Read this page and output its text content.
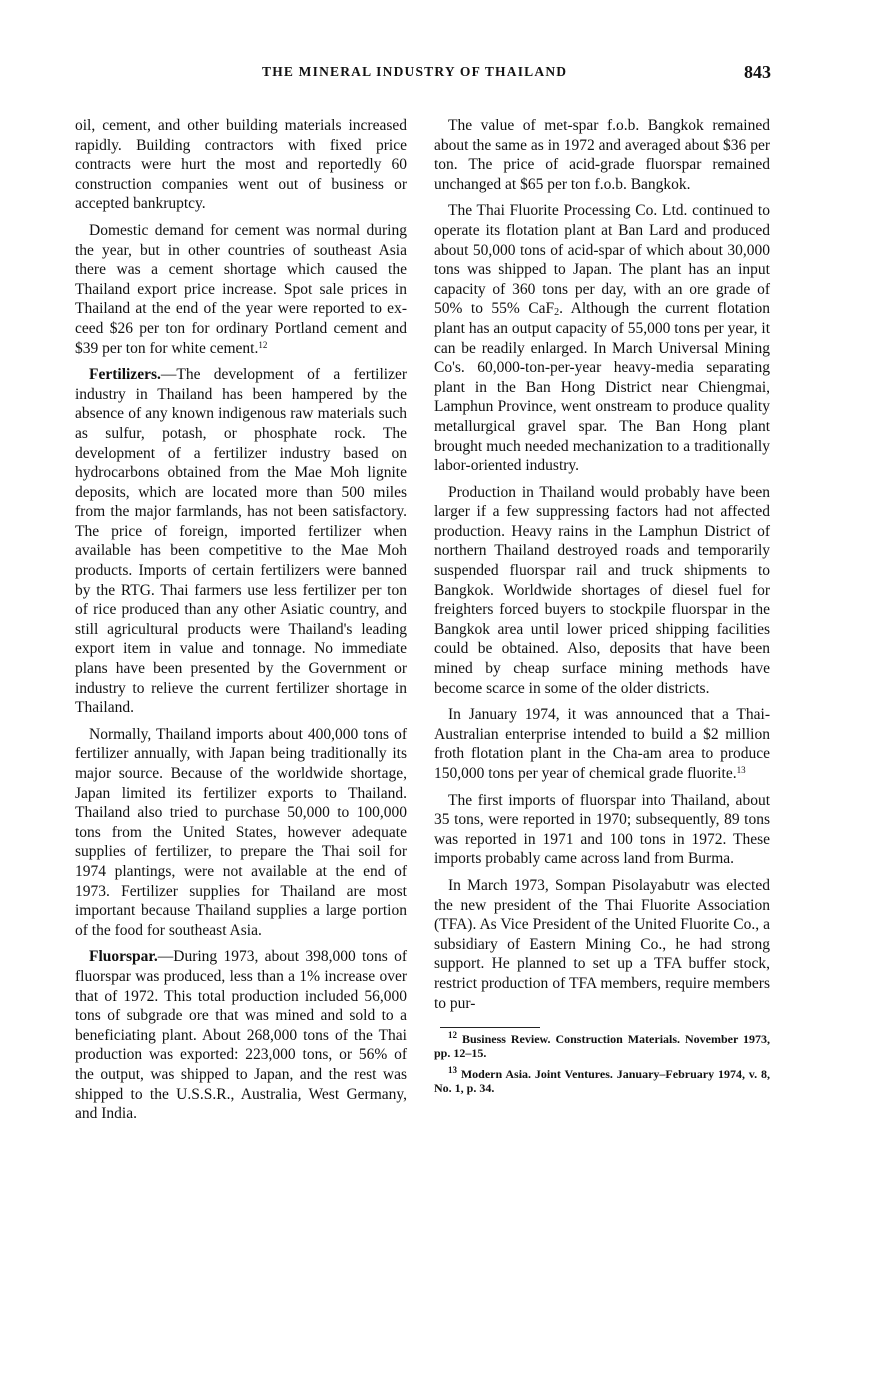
THE MINERAL INDUSTRY OF THAILAND	843

oil, cement, and other building materials increased rapidly. Building contractors with fixed price contracts were hurt the most and reportedly 60 construction companies went out of business or accepted bankruptcy.

Domestic demand for cement was normal during the year, but in other countries of southeast Asia there was a cement shortage which caused the Thailand export price increase. Spot sale prices in Thailand at the end of the year were reported to exceed $26 per ton for ordinary Portland cement and $39 per ton for white cement.$^{12}$

Fertilizers.—The development of a fertilizer industry in Thailand has been hampered by the absence of any known indigenous raw materials such as sulfur, potash, or phosphate rock. The development of a fertilizer industry based on hydrocarbons obtained from the Mae Moh lignite deposits, which are located more than 500 miles from the major farmlands, has not been satisfactory. The price of foreign, imported fertilizer when available has been competitive to the Mae Moh products. Imports of certain fertilizers were banned by the RTG. Thai farmers use less fertilizer per ton of rice produced than any other Asiatic country, and still agricultural products were Thailand's leading export item in value and tonnage. No immediate plans have been presented by the Government or industry to relieve the current fertilizer shortage in Thailand.

Normally, Thailand imports about 400,000 tons of fertilizer annually, with Japan being traditionally its major source. Because of the worldwide shortage, Japan limited its fertilizer exports to Thailand. Thailand also tried to purchase 50,000 to 100,000 tons from the United States, however adequate supplies of fertilizer, to prepare the Thai soil for 1974 plantings, were not available at the end of 1973. Fertilizer supplies for Thailand are most important because Thailand supplies a large portion of the food for southeast Asia.

Fluorspar.—During 1973, about 398,000 tons of fluorspar was produced, less than a 1% increase over that of 1972. This total production included 56,000 tons of subgrade ore that was mined and sold to a beneficiating plant. About 268,000 tons of the Thai production was exported: 223,000 tons, or 56% of the output, was shipped to Japan, and the rest was shipped to the U.S.S.R., Australia, West Germany, and India.

The value of met-spar f.o.b. Bangkok remained about the same as in 1972 and averaged about $36 per ton. The price of acid-grade fluorspar remained unchanged at $65 per ton f.o.b. Bangkok.

The Thai Fluorite Processing Co. Ltd. continued to operate its flotation plant at Ban Lard and produced about 50,000 tons of acid-spar of which about 30,000 tons was shipped to Japan. The plant has an input capacity of 360 tons per day, with an ore grade of 50% to 55% CaF$_2$. Although the current flotation plant has an output capacity of 55,000 tons per year, it can be readily enlarged. In March Universal Mining Co's. 60,000-ton-per-year heavy-media separating plant in the Ban Hong District near Chiengmai, Lamphun Province, went onstream to produce quality metallurgical gravel spar. The Ban Hong plant brought much needed mechanization to a traditionally labor-oriented industry.

Production in Thailand would probably have been larger if a few suppressing factors had not affected production. Heavy rains in the Lamphun District of northern Thailand destroyed roads and temporarily suspended fluorspar rail and truck shipments to Bangkok. Worldwide shortages of diesel fuel for freighters forced buyers to stockpile fluorspar in the Bangkok area until lower priced shipping facilities could be obtained. Also, deposits that have been mined by cheap surface mining methods have become scarce in some of the older districts.

In January 1974, it was announced that a Thai-Australian enterprise intended to build a $2 million froth flotation plant in the Cha-am area to produce 150,000 tons per year of chemical grade fluorite.$^{13}$

The first imports of fluorspar into Thailand, about 35 tons, were reported in 1970; subsequently, 89 tons was reported in 1971 and 100 tons in 1972. These imports probably came across land from Burma.

In March 1973, Sompan Pisolayabutr was elected the new president of the Thai Fluorite Association (TFA). As Vice President of the United Fluorite Co., a subsidiary of Eastern Mining Co., he had strong support. He planned to set up a TFA buffer stock, restrict production of TFA members, require members to pur-

$^{12}$ Business Review. Construction Materials. November 1973, pp. 12–15.

$^{13}$ Modern Asia. Joint Ventures. January–February 1974, v. 8, No. 1, p. 34.
